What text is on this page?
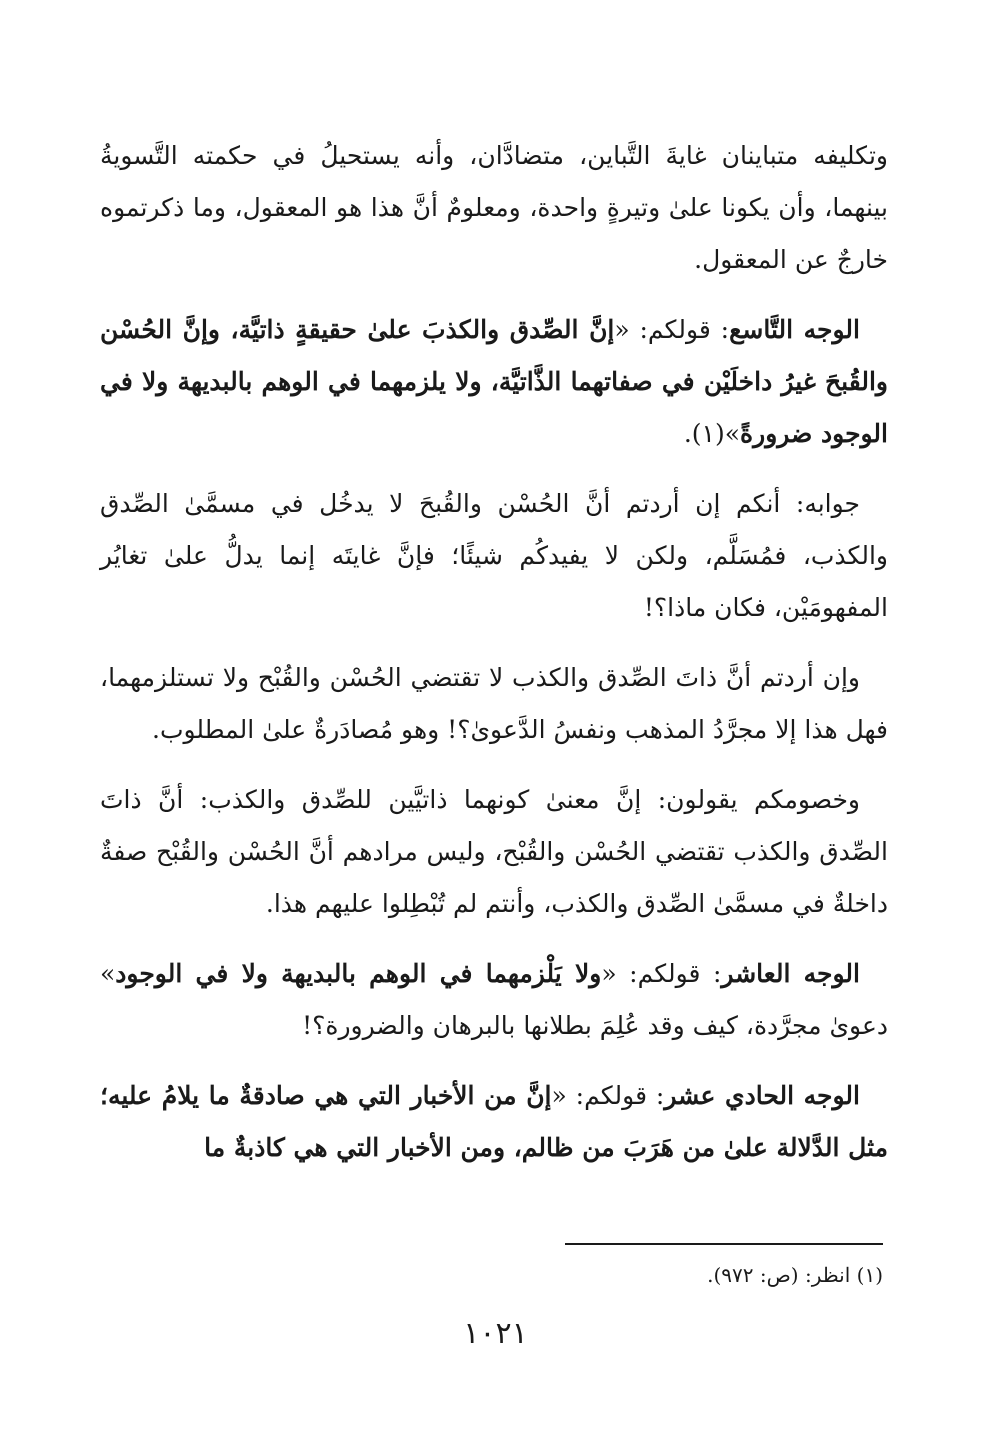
وتكليفه متباينان غايةَ التَّباين، متضادَّان، وأنه يستحيلُ في حكمته التَّسويةُ بينهما، وأن يكونا علىٰ وتيرةٍ واحدة، ومعلومٌ أنَّ هذا هو المعقول، وما ذكرتموه خارجٌ عن المعقول.

الوجه التَّاسع: قولكم: «إنَّ الصِّدق والكذبَ علىٰ حقيقةٍ ذاتيَّة، وإنَّ الحُسْن والقُبحَ غيرُ داخلَيْن في صفاتهما الذَّاتيَّة، ولا يلزمهما في الوهم بالبديهة ولا في الوجود ضرورةً»(١).

جوابه: أنكم إن أردتم أنَّ الحُسْن والقُبحَ لا يدخُل في مسمَّىٰ الصِّدق والكذب، فمُسَلَّم، ولكن لا يفيدكُم شيئًا؛ فإنَّ غايتَه إنما يدلُّ علىٰ تغايُر المفهومَيْن، فكان ماذا؟!

وإن أردتم أنَّ ذاتَ الصِّدق والكذب لا تقتضي الحُسْن والقُبْح ولا تستلزمهما، فهل هذا إلا مجرَّدُ المذهب ونفسُ الدَّعوىٰ؟! وهو مُصادَرةٌ علىٰ المطلوب.

وخصومكم يقولون: إنَّ معنىٰ كونهما ذاتيَّين للصِّدق والكذب: أنَّ ذاتَ الصِّدق والكذب تقتضي الحُسْن والقُبْح، وليس مرادهم أنَّ الحُسْن والقُبْح صفةٌ داخلةٌ في مسمَّىٰ الصِّدق والكذب، وأنتم لم تُبْطِلوا عليهم هذا.

الوجه العاشر: قولكم: «ولا يَلْزمهما في الوهم بالبديهة ولا في الوجود» دعوىٰ مجرَّدة، كيف وقد عُلِمَ بطلانها بالبرهان والضرورة؟!

الوجه الحادي عشر: قولكم: «إنَّ من الأخبار التي هي صادقةٌ ما يلامُ عليه؛ مثل الدَّلالة علىٰ من هَرَبَ من ظالم، ومن الأخبار التي هي كاذبةٌ ما

(١) انظر: (ص: ٩٧٢).
١٠٢١
